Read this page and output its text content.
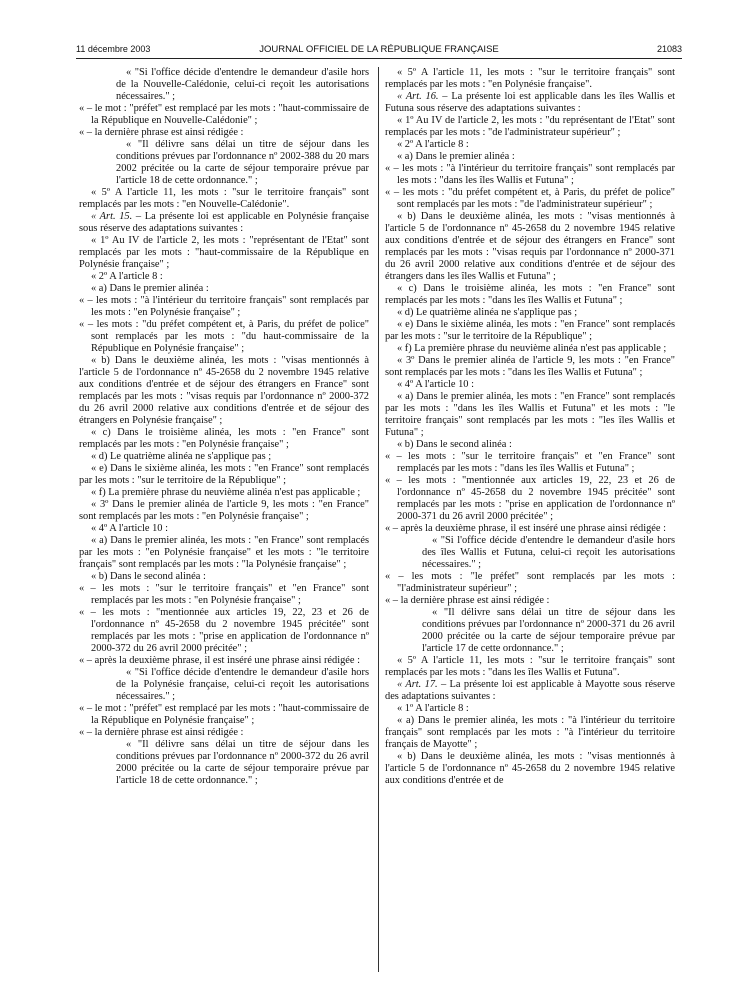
11 décembre 2003	JOURNAL OFFICIEL DE LA RÉPUBLIQUE FRANÇAISE	21083

« "Si l'office décide d'entendre le demandeur d'asile hors de la Nouvelle-Calédonie, celui-ci reçoit les autorisations nécessaires." ;

« – le mot : "préfet" est remplacé par les mots : "haut-commissaire de la République en Nouvelle-Calédonie" ;

« – la dernière phrase est ainsi rédigée :

« "Il délivre sans délai un titre de séjour dans les conditions prévues par l'ordonnance nº 2002-388 du 20 mars 2002 précitée ou la carte de séjour temporaire prévue par l'article 18 de cette ordonnance." ;

« 5º A l'article 11, les mots : "sur le territoire français" sont remplacés par les mots : "en Nouvelle-Calédonie".

« Art. 15. – La présente loi est applicable en Polynésie française sous réserve des adaptations suivantes :

« 1º Au IV de l'article 2, les mots : "représentant de l'Etat" sont remplacés par les mots : "haut-commissaire de la République en Polynésie française" ;

« 2º A l'article 8 :

« a) Dans le premier alinéa :

« – les mots : "à l'intérieur du territoire français" sont remplacés par les mots : "en Polynésie française" ;

« – les mots : "du préfet compétent et, à Paris, du préfet de police" sont remplacés par les mots : "du haut-commissaire de la République en Polynésie française" ;

« b) Dans le deuxième alinéa, les mots : "visas mentionnés à l'article 5 de l'ordonnance nº 45-2658 du 2 novembre 1945 relative aux conditions d'entrée et de séjour des étrangers en France" sont remplacés par les mots : "visas requis par l'ordonnance nº 2000-372 du 26 avril 2000 relative aux conditions d'entrée et de séjour des étrangers en Polynésie française" ;

« c) Dans le troisième alinéa, les mots : "en France" sont remplacés par les mots : "en Polynésie française" ;

« d) Le quatrième alinéa ne s'applique pas ;

« e) Dans le sixième alinéa, les mots : "en France" sont remplacés par les mots : "sur le territoire de la République" ;

« f) La première phrase du neuvième alinéa n'est pas applicable ;

« 3º Dans le premier alinéa de l'article 9, les mots : "en France" sont remplacés par les mots : "en Polynésie française" ;

« 4º A l'article 10 :

« a) Dans le premier alinéa, les mots : "en France" sont remplacés par les mots : "en Polynésie française" et les mots : "le territoire français" sont remplacés par les mots : "la Polynésie française" ;

« b) Dans le second alinéa :

« – les mots : "sur le territoire français" et "en France" sont remplacés par les mots : "en Polynésie française" ;

« – les mots : "mentionnée aux articles 19, 22, 23 et 26 de l'ordonnance nº 45-2658 du 2 novembre 1945 précitée" sont remplacés par les mots : "prise en application de l'ordonnance nº 2000-372 du 26 avril 2000 précitée" ;

« – après la deuxième phrase, il est inséré une phrase ainsi rédigée :

« "Si l'office décide d'entendre le demandeur d'asile hors de la Polynésie française, celui-ci reçoit les autorisations nécessaires." ;

« – le mot : "préfet" est remplacé par les mots : "haut-commissaire de la République en Polynésie française" ;

« – la dernière phrase est ainsi rédigée :

« "Il délivre sans délai un titre de séjour dans les conditions prévues par l'ordonnance nº 2000-372 du 26 avril 2000 précitée ou la carte de séjour temporaire prévue par l'article 18 de cette ordonnance." ;

« 5º A l'article 11, les mots : "sur le territoire français" sont remplacés par les mots : "en Polynésie française".

« Art. 16. – La présente loi est applicable dans les îles Wallis et Futuna sous réserve des adaptations suivantes :

« 1º Au IV de l'article 2, les mots : "du représentant de l'Etat" sont remplacés par les mots : "de l'administrateur supérieur" ;

« 2º A l'article 8 :

« a) Dans le premier alinéa :

« – les mots : "à l'intérieur du territoire français" sont remplacés par les mots : "dans les îles Wallis et Futuna" ;

« – les mots : "du préfet compétent et, à Paris, du préfet de police" sont remplacés par les mots : "de l'administrateur supérieur" ;

« b) Dans le deuxième alinéa, les mots : "visas mentionnés à l'article 5 de l'ordonnance nº 45-2658 du 2 novembre 1945 relative aux conditions d'entrée et de séjour des étrangers en France" sont remplacés par les mots : "visas requis par l'ordonnance nº 2000-371 du 26 avril 2000 relative aux conditions d'entrée et de séjour des étrangers dans les îles Wallis et Futuna" ;

« c) Dans le troisième alinéa, les mots : "en France" sont remplacés par les mots : "dans les îles Wallis et Futuna" ;

« d) Le quatrième alinéa ne s'applique pas ;

« e) Dans le sixième alinéa, les mots : "en France" sont remplacés par les mots : "sur le territoire de la République" ;

« f) La première phrase du neuvième alinéa n'est pas applicable ;

« 3º Dans le premier alinéa de l'article 9, les mots : "en France" sont remplacés par les mots : "dans les îles Wallis et Futuna" ;

« 4º A l'article 10 :

« a) Dans le premier alinéa, les mots : "en France" sont remplacés par les mots : "dans les îles Wallis et Futuna" et les mots : "le territoire français" sont remplacés par les mots : "les îles Wallis et Futuna" ;

« b) Dans le second alinéa :

« – les mots : "sur le territoire français" et "en France" sont remplacés par les mots : "dans les îles Wallis et Futuna" ;

« – les mots : "mentionnée aux articles 19, 22, 23 et 26 de l'ordonnance nº 45-2658 du 2 novembre 1945 précitée" sont remplacés par les mots : "prise en application de l'ordonnance nº 2000-371 du 26 avril 2000 précitée" ;

« – après la deuxième phrase, il est inséré une phrase ainsi rédigée :

« "Si l'office décide d'entendre le demandeur d'asile hors des îles Wallis et Futuna, celui-ci reçoit les autorisations nécessaires." ;

« – les mots : "le préfet" sont remplacés par les mots : "l'administrateur supérieur" ;

« – la dernière phrase est ainsi rédigée :

« "Il délivre sans délai un titre de séjour dans les conditions prévues par l'ordonnance nº 2000-371 du 26 avril 2000 précitée ou la carte de séjour temporaire prévue par l'article 17 de cette ordonnance." ;

« 5º A l'article 11, les mots : "sur le territoire français" sont remplacés par les mots : "dans les îles Wallis et Futuna".

« Art. 17. – La présente loi est applicable à Mayotte sous réserve des adaptations suivantes :

« 1º A l'article 8 :

« a) Dans le premier alinéa, les mots : "à l'intérieur du territoire français" sont remplacés par les mots : "à l'intérieur du territoire français de Mayotte" ;

« b) Dans le deuxième alinéa, les mots : "visas mentionnés à l'article 5 de l'ordonnance nº 45-2658 du 2 novembre 1945 relative aux conditions d'entrée et de
